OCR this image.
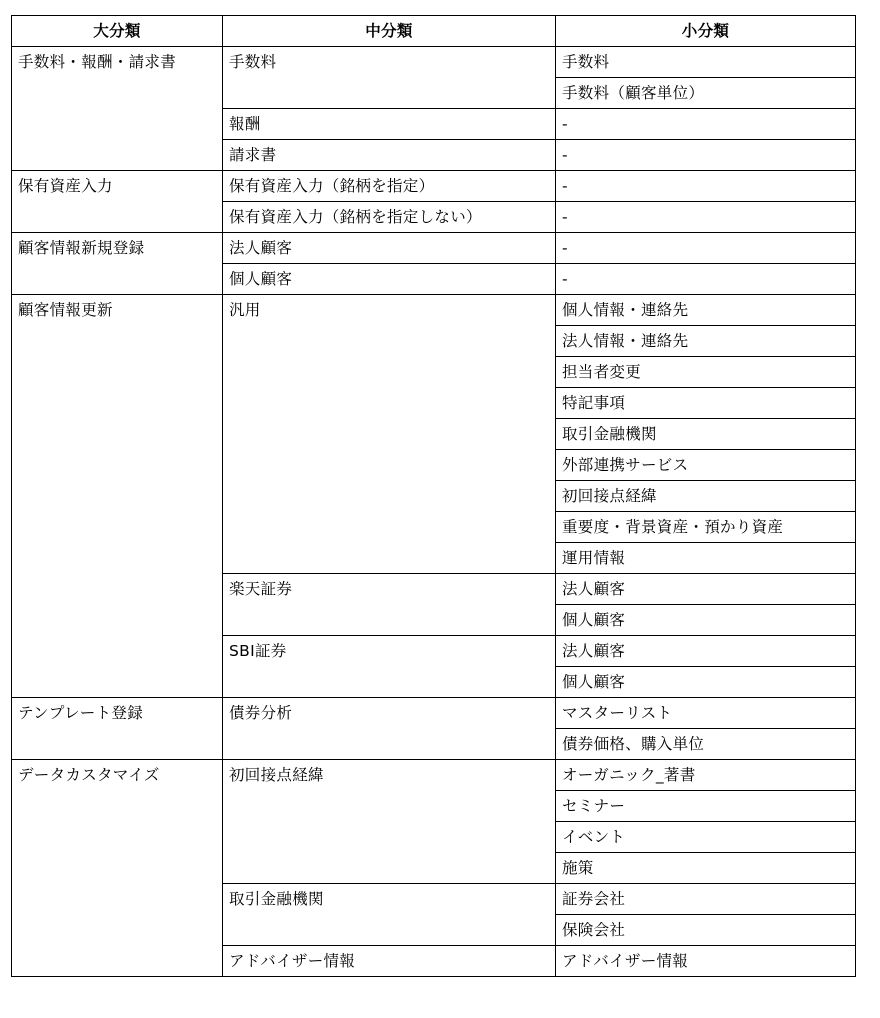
大分類	中分類	小分類
手数料・報酬・請求書	手数料	手数料
		手数料（顧客単位）
	報酬	-
	請求書	-
保有資産入力	保有資産入力（銘柄を指定）	-
	保有資産入力（銘柄を指定しない）	-
顧客情報新規登録	法人顧客	-
	個人顧客	-
顧客情報更新	汎用	個人情報・連絡先
		法人情報・連絡先
		担当者変更
		特記事項
		取引金融機関
		外部連携サービス
		初回接点経緯
		重要度・背景資産・預かり資産
		運用情報
	楽天証券	法人顧客
		個人顧客
	SBI証券	法人顧客
		個人顧客
テンプレート登録	債券分析	マスターリスト
		債券価格、購入単位
データカスタマイズ	初回接点経緯	オーガニック_著書
		セミナー
		イベント
		施策
	取引金融機関	証券会社
		保険会社
	アドバイザー情報	アドバイザー情報
